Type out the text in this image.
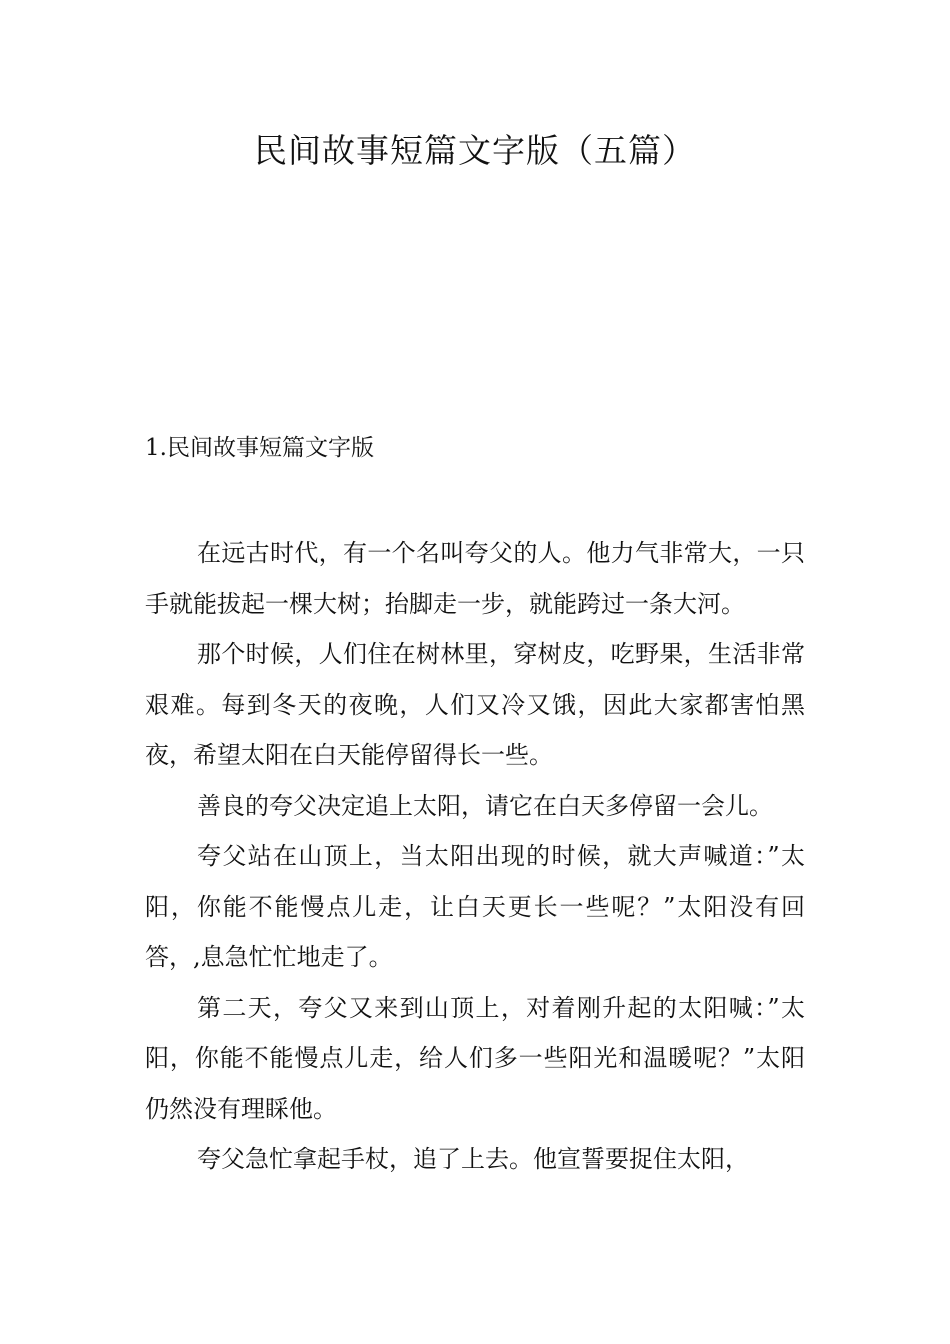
民间故事短篇文字版（五篇）
1.民间故事短篇文字版

在远古时代，有一个名叫夸父的人。他力气非常大，一只手就能拔起一棵大树；抬脚走一步，就能跨过一条大河。

那个时候，人们住在树林里，穿树皮，吃野果，生活非常艰难。每到冬天的夜晚，人们又冷又饿，因此大家都害怕黑夜，希望太阳在白天能停留得长一些。

善良的夸父决定追上太阳，请它在白天多停留一会儿。

夸父站在山顶上，当太阳出现的时候，就大声喊道：”太阳，你能不能慢点儿走，让白天更长一些呢？”太阳没有回答，,息急忙忙地走了。

第二天，夸父又来到山顶上，对着刚升起的太阳喊：”太阳，你能不能慢点儿走，给人们多一些阳光和温暖呢？”太阳仍然没有理睬他。

夸父急忙拿起手杖，追了上去。他宣誓要捉住太阳，
